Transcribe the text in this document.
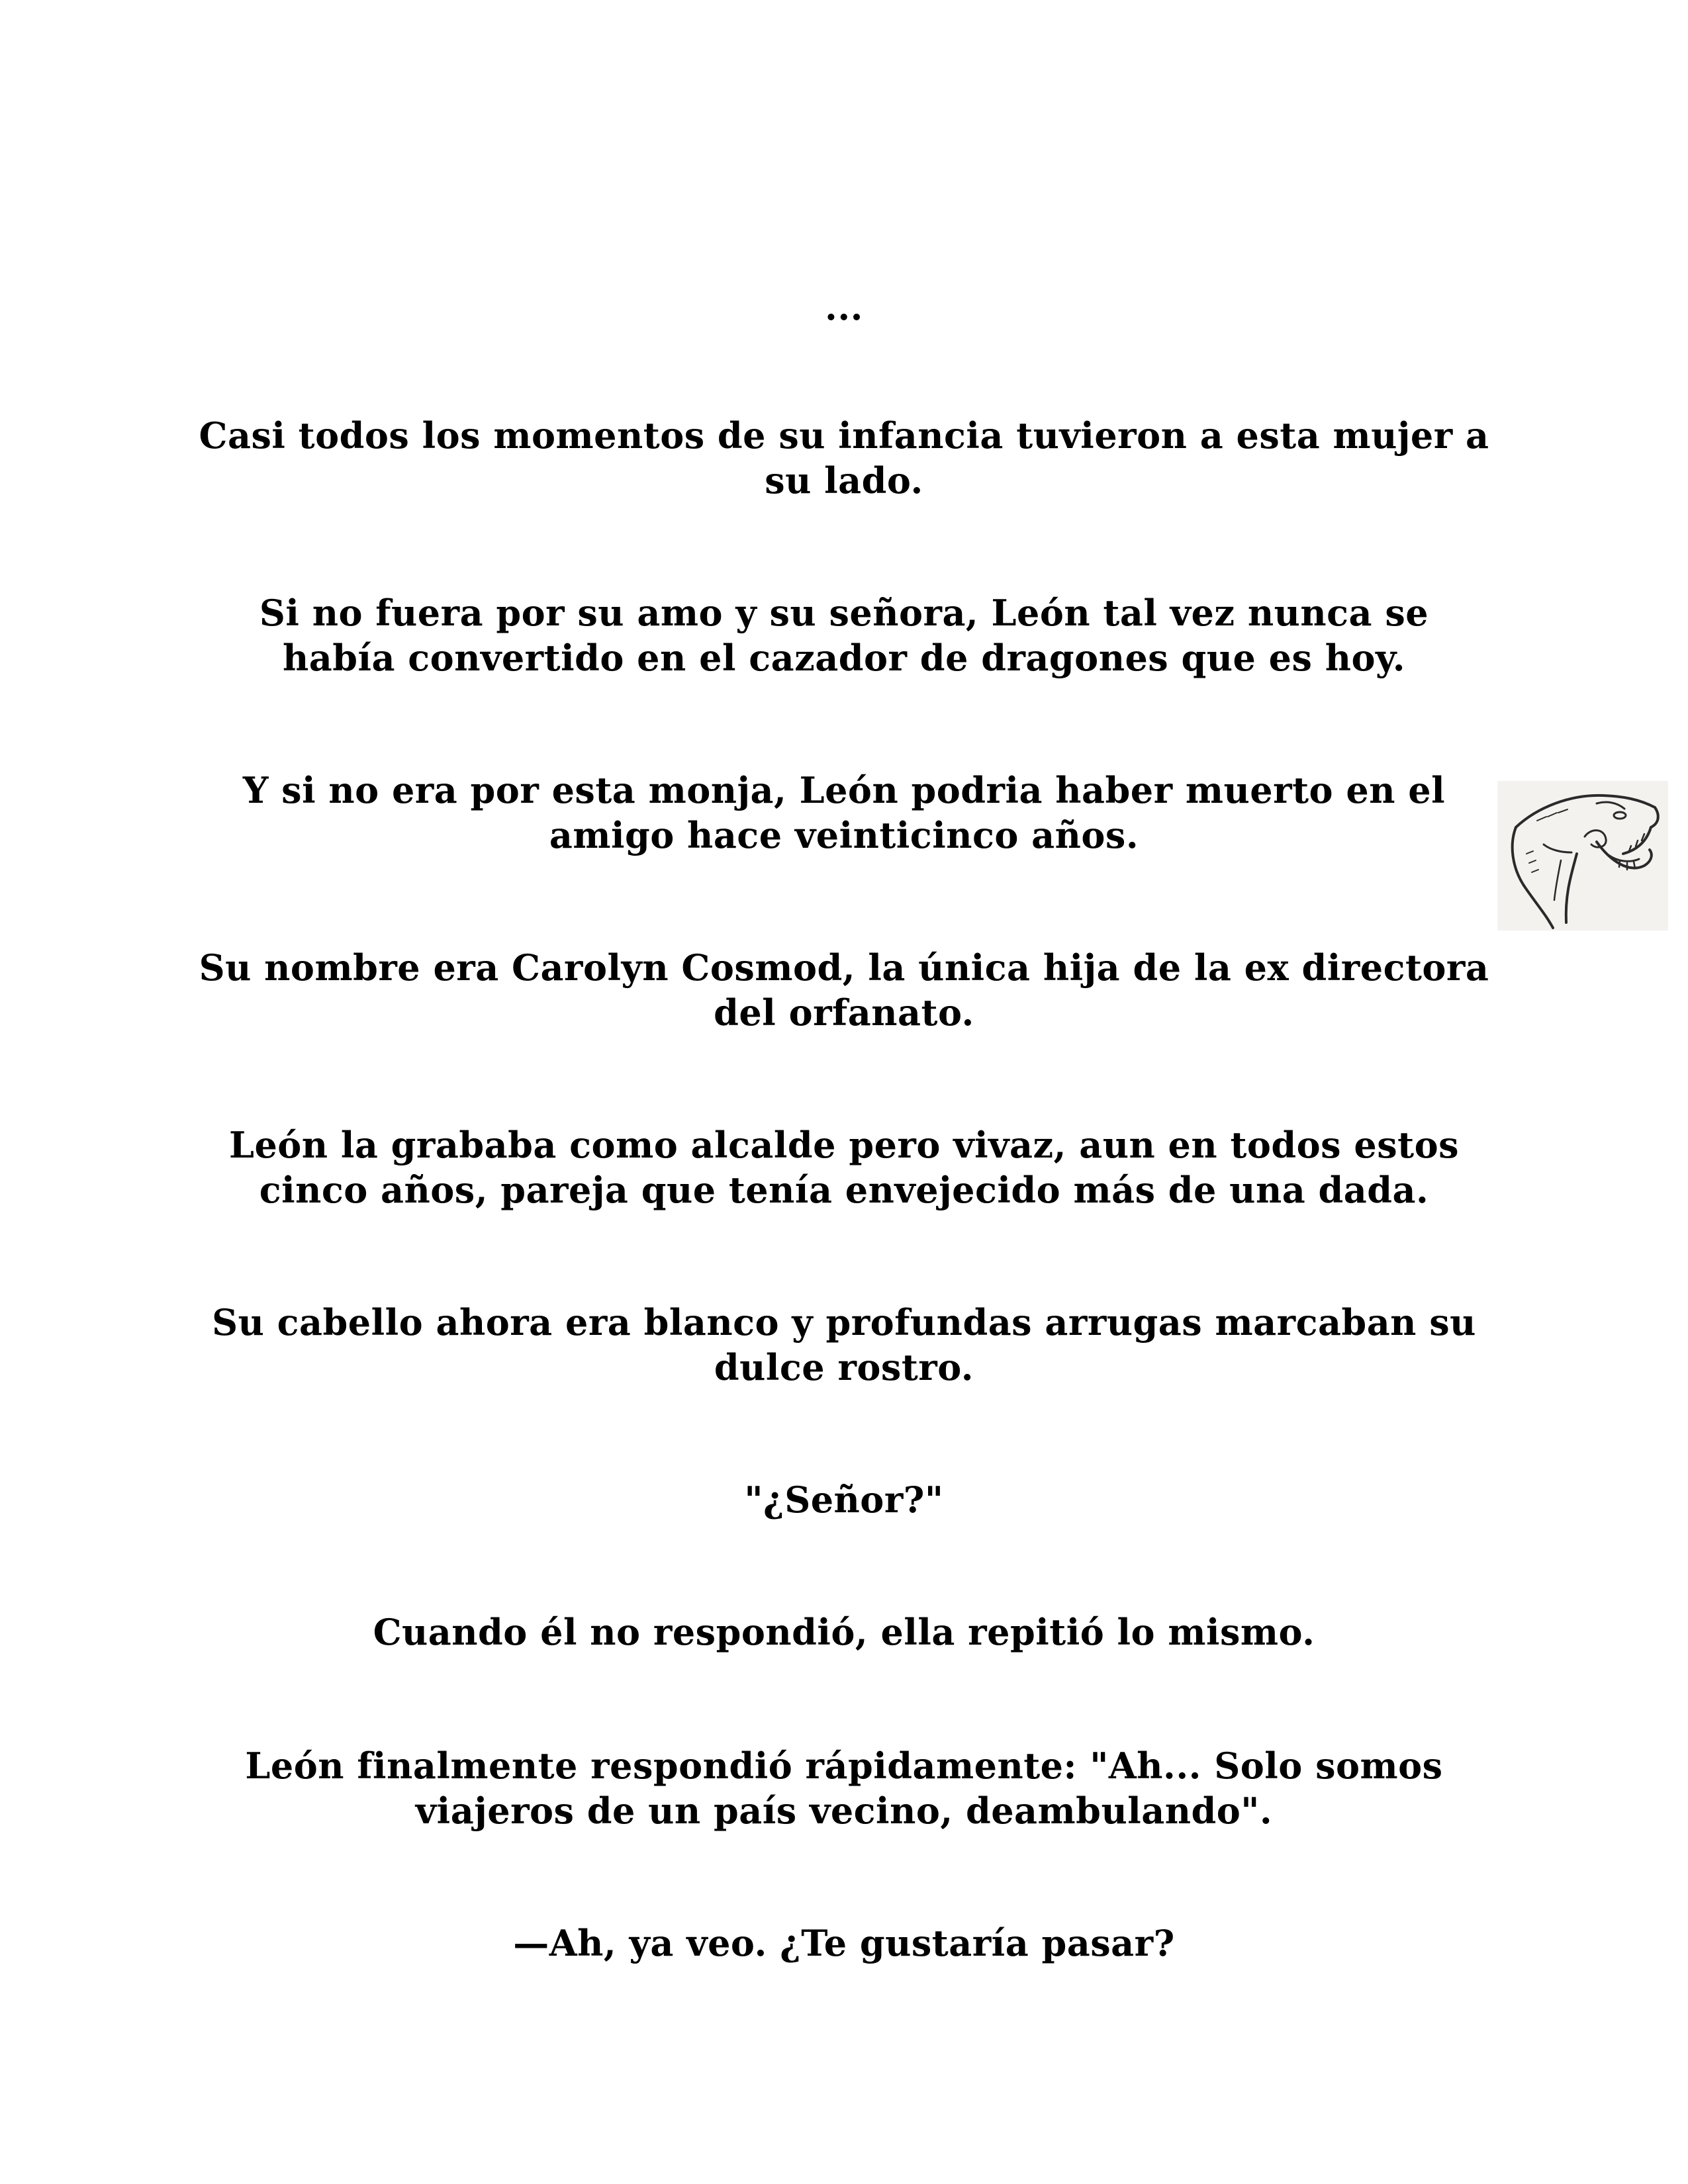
...

Casi todos los momentos de su infancia tuvieron a esta mujer a su lado.

Si no fuera por su amo y su señora, León tal vez nunca se había convertido en el cazador de dragones que es hoy.

Y si no era por esta monja, León podria haber muerto en el amigo hace veinticinco años.

Su nombre era Carolyn Cosmod, la única hija de la ex directora del orfanato.

León la grababa como alcalde pero vivaz, aun en todos estos cinco años, pareja que tenía envejecido más de una dada.

Su cabello ahora era blanco y profundas arrugas marcaban su dulce rostro.

"¿Señor?"

Cuando él no respondió, ella repitió lo mismo.

León finalmente respondió rápidamente: "Ah... Solo somos viajeros de un país vecino, deambulando".

—Ah, ya veo. ¿Te gustaría pasar?
